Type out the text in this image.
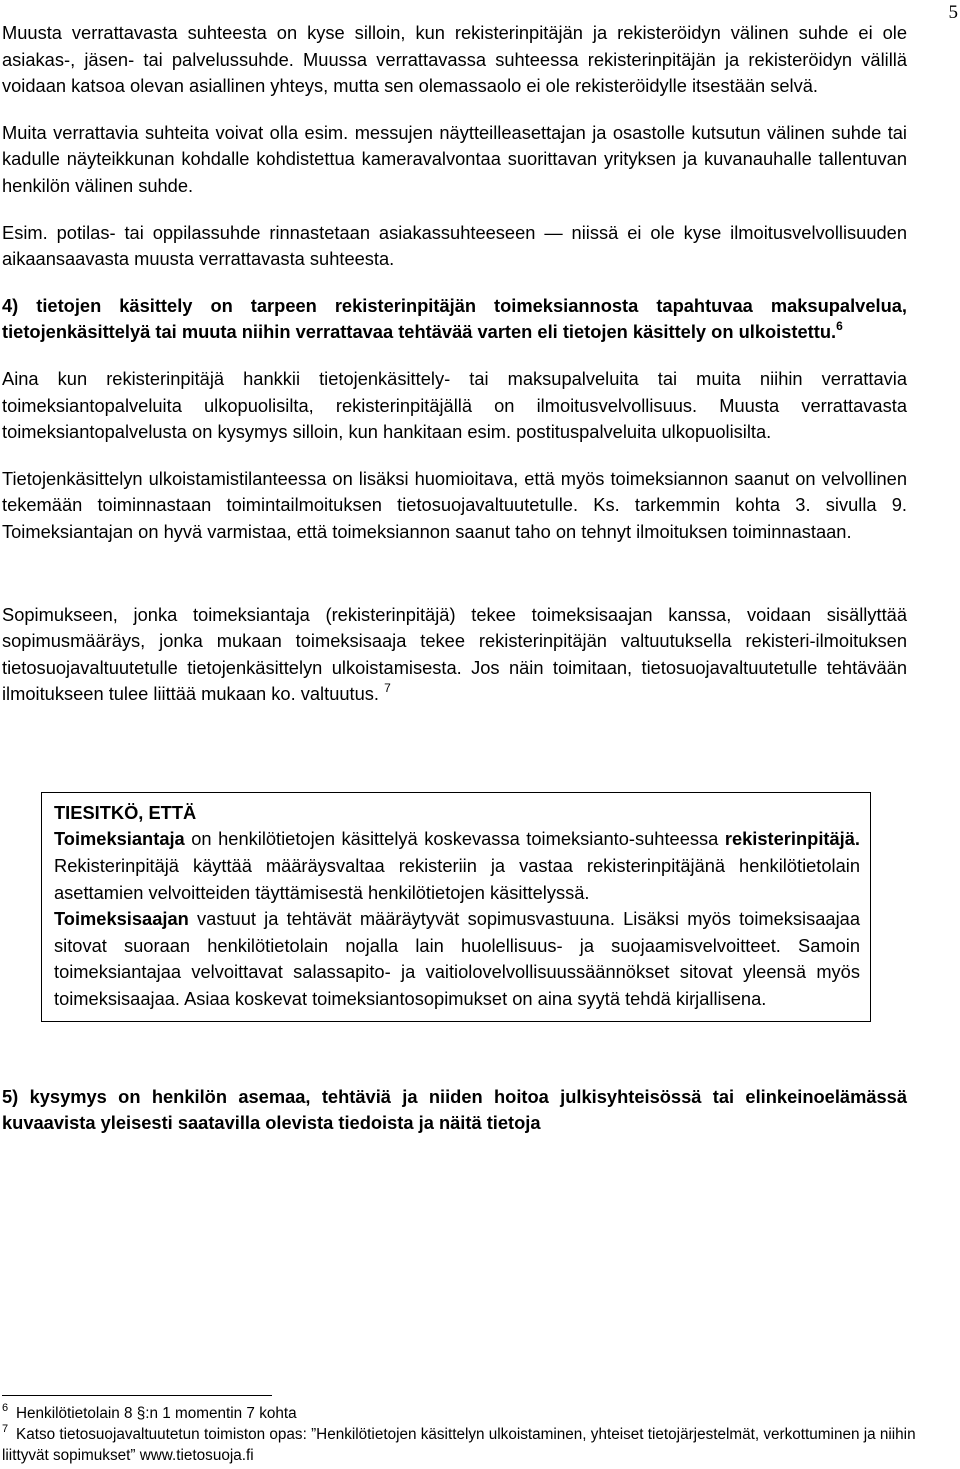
5

Muusta verrattavasta suhteesta on kyse silloin, kun rekisterinpitäjän ja rekisteröidyn välinen suhde ei ole asiakas-, jäsen- tai palvelussuhde. Muussa verrattavassa suhteessa rekisterinpitäjän ja rekisteröidyn välillä voidaan katsoa olevan asiallinen yhteys, mutta sen olemassaolo ei ole rekisteröidylle itsestään selvä.

Muita verrattavia suhteita voivat olla esim. messujen näytteilleasettajan ja osastolle kutsutun välinen suhde tai kadulle näyteikkunan kohdalle kohdistettua kameravalvontaa suorittavan yrityksen ja kuvanauhalle tallentuvan henkilön välinen suhde.

Esim. potilas- tai oppilassuhde rinnastetaan asiakassuhteeseen — niissä ei ole kyse ilmoitusvelvollisuuden aikaansaavasta muusta verrattavasta suhteesta.

4) tietojen käsittely on tarpeen rekisterinpitäjän toimeksiannosta tapahtuvaa maksupalvelua, tietojenkäsittelyä tai muuta niihin verrattavaa tehtävää varten eli tietojen käsittely on ulkoistettu.$^6$

Aina kun rekisterinpitäjä hankkii tietojenkäsittely- tai maksupalveluita tai muita niihin verrattavia toimeksiantopalveluita ulkopuolisilta, rekisterinpitäjällä on ilmoitusvelvollisuus. Muusta verrattavasta toimeksiantopalvelusta on kysymys silloin, kun hankitaan esim. postituspalveluita ulkopuolisilta.

Tietojenkäsittelyn ulkoistamistilanteessa on lisäksi huomioitava, että myös toimeksiannon saanut on velvollinen tekemään toiminnastaan toimintailmoituksen tietosuojavaltuutetulle. Ks. tarkemmin kohta 3. sivulla 9. Toimeksiantajan on hyvä varmistaa, että toimeksiannon saanut taho on tehnyt ilmoituksen toiminnastaan.

Sopimukseen, jonka toimeksiantaja (rekisterinpitäjä) tekee toimeksisaajan kanssa, voidaan sisällyttää sopimusmääräys, jonka mukaan toimeksisaaja tekee rekisterinpitäjän valtuutuksella rekisteri-ilmoituksen tietosuojavaltuutetulle tietojenkäsittelyn ulkoistamisesta. Jos näin toimitaan, tietosuojavaltuutetulle tehtävään ilmoitukseen tulee liittää mukaan ko. valtuutus. $^7$

TIESITKÖ, ETTÄ

Toimeksiantaja on henkilötietojen käsittelyä koskevassa toimeksianto-suhteessa rekisterinpitäjä. Rekisterinpitäjä käyttää määräysvaltaa rekisteriin ja vastaa rekisterinpitäjänä henkilötietolain asettamien velvoitteiden täyttämisestä henkilötietojen käsittelyssä.

Toimeksisaajan vastuut ja tehtävät määräytyvät sopimusvastuuna. Lisäksi myös toimeksisaajaa sitovat suoraan henkilötietolain nojalla lain huolellisuus- ja suojaamisvelvoitteet. Samoin toimeksiantajaa velvoittavat salassapito- ja vaitiolovelvollisuussäännökset sitovat yleensä myös toimeksisaajaa. Asiaa koskevat toimeksiantosopimukset on aina syytä tehdä kirjallisena.

5) kysymys on henkilön asemaa, tehtäviä ja niiden hoitoa julkisyhteisössä tai elinkeinoelämässä kuvaavista yleisesti saatavilla olevista tiedoista ja näitä tietoja

$^6$ Henkilötietolain 8 §:n 1 momentin 7 kohta
$^7$ Katso tietosuojavaltuutetun toimiston opas: ”Henkilötietojen käsittelyn ulkoistaminen, yhteiset tietojärjestelmät, verkottuminen ja niihin liittyvät sopimukset” www.tietosuoja.fi
